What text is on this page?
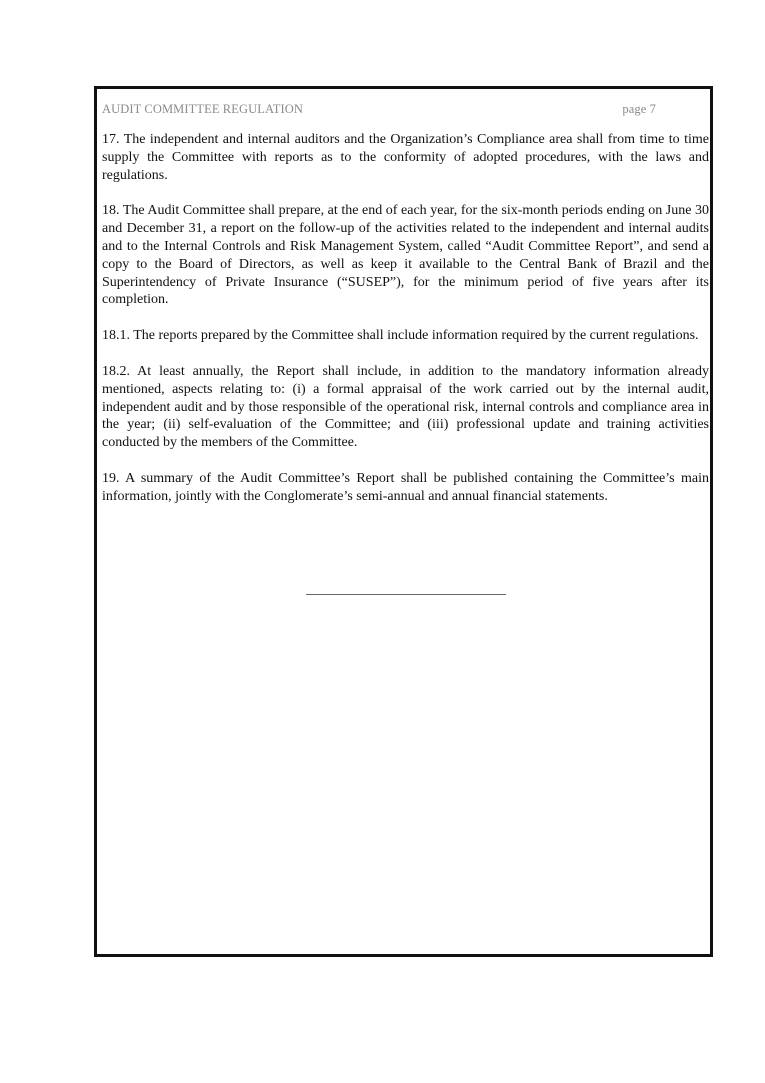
AUDIT COMMITTEE REGULATION	page 7

17. The independent and internal auditors and the Organization’s Compliance area shall from time to time supply the Committee with reports as to the conformity of adopted procedures, with the laws and regulations.

18. The Audit Committee shall prepare, at the end of each year, for the six-month periods ending on June 30 and December 31, a report on the follow-up of the activities related to the independent and internal audits and to the Internal Controls and Risk Management System, called “Audit Committee Report”, and send a copy to the Board of Directors, as well as keep it available to the Central Bank of Brazil and the Superintendency of Private Insurance (“SUSEP”), for the minimum period of five years after its completion.

18.1. The reports prepared by the Committee shall include information required by the current regulations.

18.2. At least annually, the Report shall include, in addition to the mandatory information already mentioned, aspects relating to: (i) a formal appraisal of the work carried out by the internal audit, independent audit and by those responsible of the operational risk, internal controls and compliance area in the year; (ii) self-evaluation of the Committee; and (iii) professional update and training activities conducted by the members of the Committee.

19. A summary of the Audit Committee’s Report shall be published containing the Committee’s main information, jointly with the Conglomerate’s semi-annual and annual financial statements.
